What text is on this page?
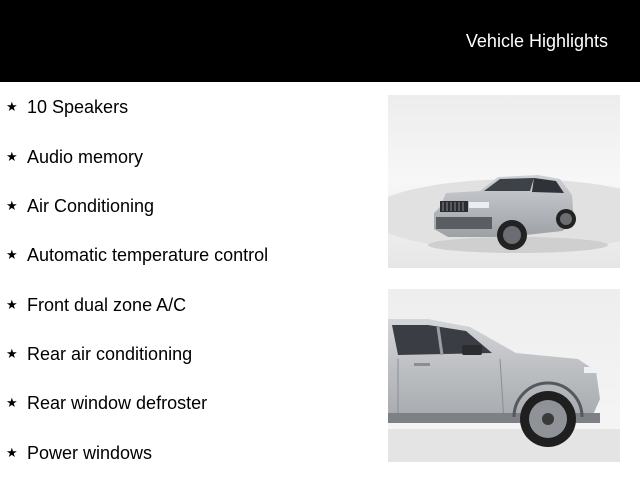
Vehicle Highlights
★ 10 Speakers
★ Audio memory
★ Air Conditioning
★ Automatic temperature control
★ Front dual zone A/C
★ Rear air conditioning
★ Rear window defroster
★ Power windows
